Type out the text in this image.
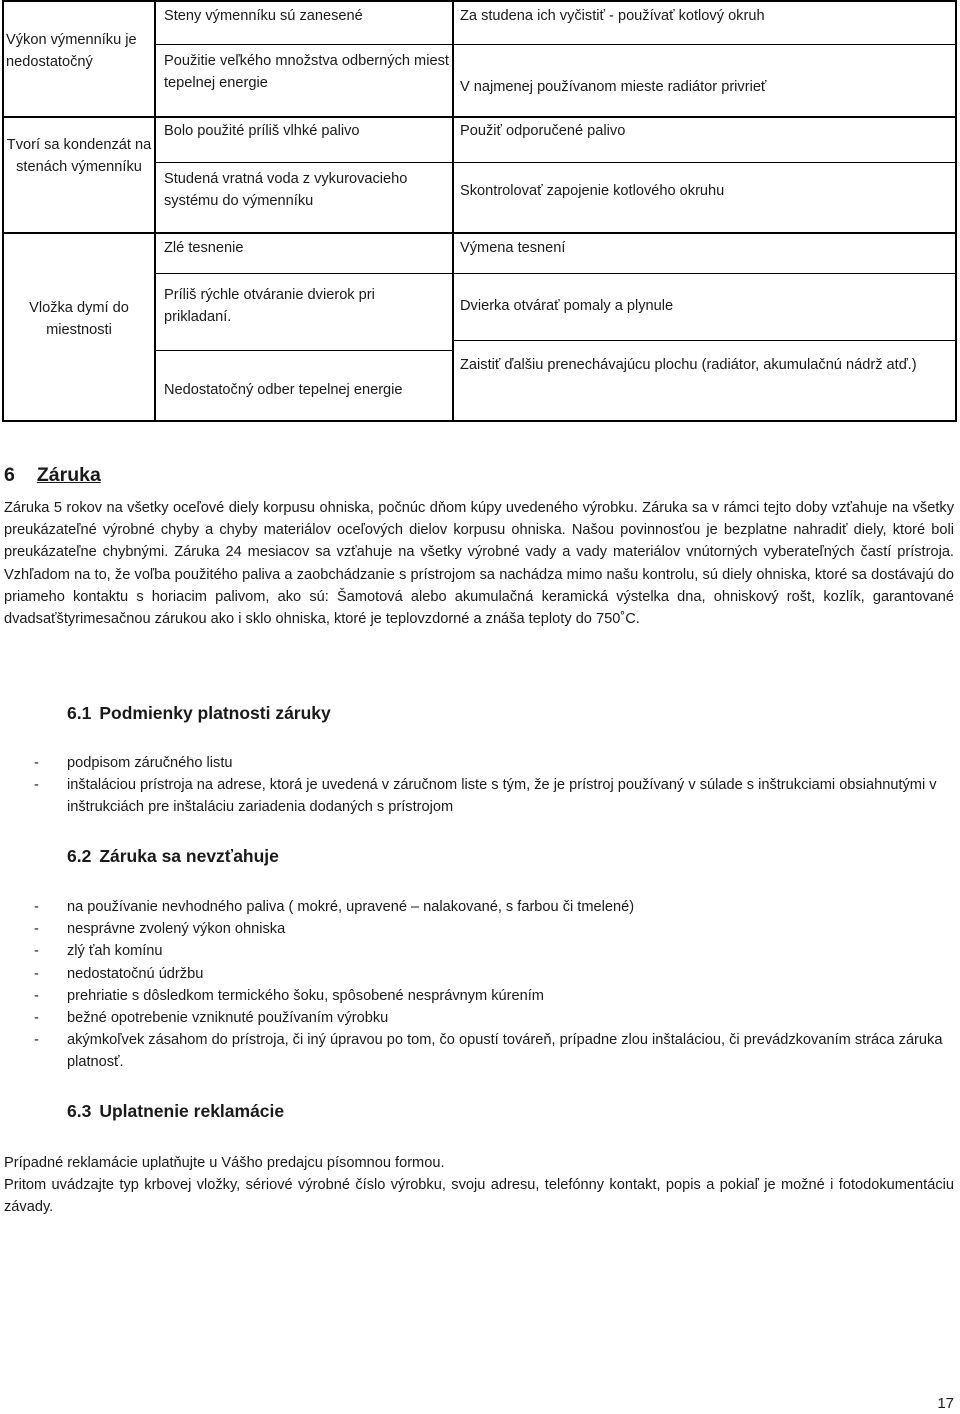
Výkon výmenníku je nedostatočný
Steny výmenníku sú zanesené
Použitie veľkého množstva odberných miest tepelnej energie
Za studena ich vyčistiť - používať kotlový okruh
V najmenej používanom mieste radiátor privrieť
Tvorí sa kondenzát na stenách výmenníku
Bolo použité príliš vlhké palivo
Studená vratná voda z vykurovacieho systému do výmenníku
Použiť odporučené palivo
Skontrolovať zapojenie kotlového okruhu
Vložka dymí do miestnosti
Zlé tesnenie
Príliš rýchle otváranie dvierok pri prikladaní.
Nedostatočný odber tepelnej energie
Výmena tesnení
Dvierka otvárať pomaly a plynule
Zaistiť ďalšiu prenechávajúcu plochu (radiátor, akumulačnú nádrž atď.)
6 Záruka
Záruka 5 rokov na všetky oceľové diely korpusu ohniska, počnúc dňom kúpy uvedeného výrobku. Záruka sa v rámci tejto doby vzťahuje na všetky preukázateľné výrobné chyby a chyby materiálov oceľových dielov korpusu ohniska. Našou povinnosťou je bezplatne nahradiť diely, ktoré boli preukázateľne chybnými. Záruka 24 mesiacov sa vzťahuje na všetky výrobné vady a vady materiálov vnútorných vyberateľných častí prístroja. Vzhľadom na to, že voľba použitého paliva a zaobchádzanie s prístrojom sa nachádza mimo našu kontrolu, sú diely ohniska, ktoré sa dostávajú do priameho kontaktu s horiacim palivom, ako sú: Šamotová alebo akumulačná keramická výstelka dna, ohniskový rošt, kozlík, garantované dvadsaťštyrimesačnou zárukou ako i sklo ohniska, ktoré je teplovzdorné a znáša teploty do 750˚C.
6.1 Podmienky platnosti záruky
- podpisom záručného listu
- inštaláciou prístroja na adrese, ktorá je uvedená v záručnom liste s tým, že je prístroj používaný v súlade s inštrukciami obsiahnutými v inštrukciách pre inštaláciu zariadenia dodaných s prístrojom
6.2 Záruka sa nevzťahuje
- na používanie nevhodného paliva ( mokré, upravené – nalakované, s farbou či tmelené)
- nesprávne zvolený výkon ohniska
- zlý ťah komínu
- nedostatočnú údržbu
- prehriatie s dôsledkom termického šoku, spôsobené nesprávnym kúrením
- bežné opotrebenie vzniknuté používaním výrobku
- akýmkoľvek zásahom do prístroja, či iný úpravou po tom, čo opustí továreň, prípadne zlou inštaláciou, či prevádzkovaním stráca záruka platnosť.
6.3 Uplatnenie reklamácie
Prípadné reklamácie uplatňujte u Vášho predajcu písomnou formou.
Pritom uvádzajte typ krbovej vložky, sériové výrobné číslo výrobku, svoju adresu, telefónny kontakt, popis a pokiaľ je možné i fotodokumentáciu závady.
17
